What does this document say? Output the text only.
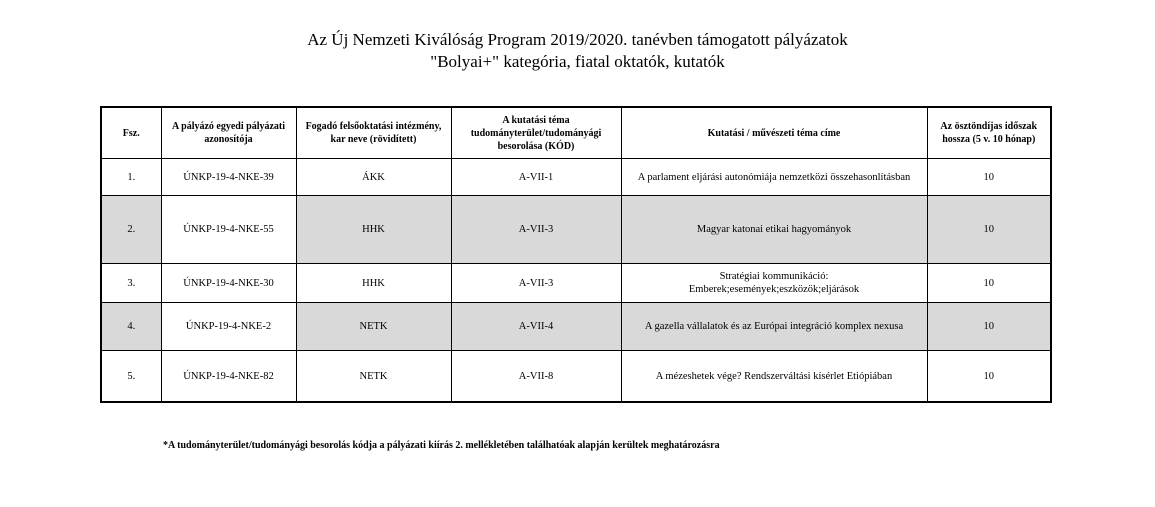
Az Új Nemzeti Kiválóság Program 2019/2020. tanévben támogatott pályázatok
"Bolyai+" kategória, fiatal oktatók, kutatók
Fsz.	A pályázó egyedi pályázati azonosítója	Fogadó felsőoktatási intézmény, kar neve (rövidített)	A kutatási téma tudományterület/tudományági besorolása (KÓD)	Kutatási / művészeti téma címe	Az ösztöndíjas időszak hossza (5 v. 10 hónap)
1.	ÚNKP-19-4-NKE-39	ÁKK	A-VII-1	A parlament eljárási autonómiája nemzetközi összehasonlításban	10
2.	ÚNKP-19-4-NKE-55	HHK	A-VII-3	Magyar katonai etikai hagyományok	10
3.	ÚNKP-19-4-NKE-30	HHK	A-VII-3	Stratégiai kommunikáció:
Emberek;események;eszközök;eljárások	10
4.	ÚNKP-19-4-NKE-2	NETK	A-VII-4	A gazella vállalatok és az Európai integráció komplex nexusa	10
5.	ÚNKP-19-4-NKE-82	NETK	A-VII-8	A mézeshetek vége? Rendszerváltási kísérlet Etiópiában	10
*A tudományterület/tudományági besorolás kódja a pályázati kiírás 2. mellékletében találhatóak alapján kerültek meghatározásra
